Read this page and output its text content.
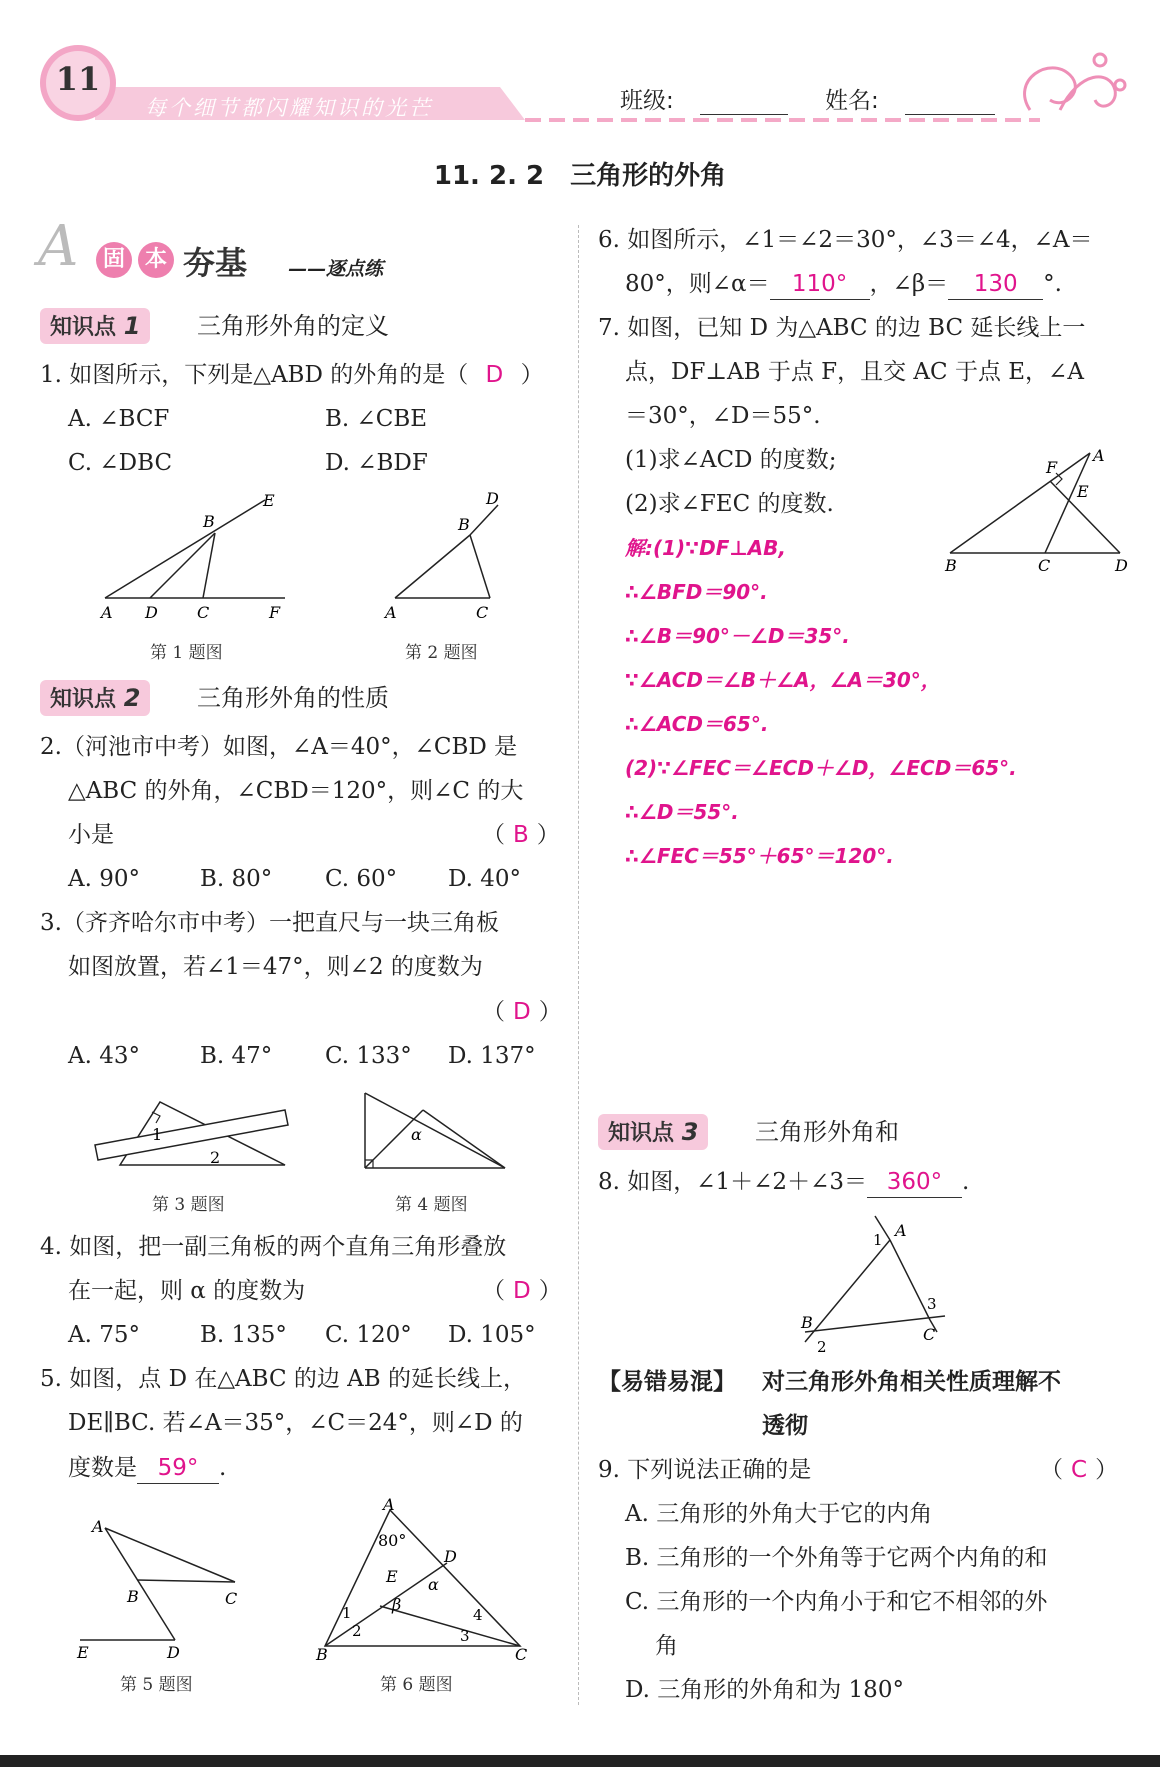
11
每个细节都闪耀知识的光芒	班级:	姓名:
11. 2. 2　三角形的外角
A	固 本 夯基 ——逐点练
知识点 1	三角形外角的定义
1. 如图所示，下列是△ABD 的外角的是（ D ）
A. ∠BCF	B. ∠CBE
C. ∠DBC	D. ∠BDF
E
B
A D C	F
第 1 题图
D
B
A	C
第 2 题图
知识点 2	三角形外角的性质
2.（河池市中考）如图，∠A＝40°，∠CBD 是
△ABC 的外角，∠CBD＝120°，则∠C 的大
小是	（ B ）
A. 90°	B. 80° C. 60° D. 40°
3.（齐齐哈尔市中考）一把直尺与一块三角板
如图放置，若∠1＝47°，则∠2 的度数为
（ D ）
A. 43°	B. 47° C. 133° D. 137°
1
2
第 3 题图
α
第 4 题图
4. 如图，把一副三角板的两个直角三角形叠放
在一起，则 α 的度数为	（ D ）
A. 75°	B. 135° C. 120° D. 105°
5. 如图，点 D 在△ABC 的边 AB 的延长线上，
DE∥BC. 若∠A＝35°，∠C＝24°，则∠D 的
度数是 59° .
A
B	C
E	D
第 5 题图
A
80°
D
E α
β
1
2
4
3
B	C
第 6 题图
6. 如图所示，∠1＝∠2＝30°，∠3＝∠4，∠A＝
80°，则∠α＝ 110° ，∠β＝ 130 °.
7. 如图，已知 D 为△ABC 的边 BC 延长线上一
点，DF⊥AB 于点 F，且交 AC 于点 E，∠A
＝30°，∠D＝55°.
(1)求∠ACD 的度数;
(2)求∠FEC 的度数.
F
A
E
B	C	D
解:(1)∵DF⊥AB,
∴∠BFD＝90°.
∴∠B＝90°－∠D＝35°.
∵∠ACD＝∠B＋∠A，∠A＝30°，
∴∠ACD＝65°.
(2)∵∠FEC＝∠ECD＋∠D，∠ECD＝65°.
∴∠D＝55°.
∴∠FEC＝55°＋65°＝120°.
知识点 3	三角形外角和
8. 如图，∠1＋∠2＋∠3＝ 360° .
1 A
3
C
B
2
【易错易混】 对三角形外角相关性质理解不
透彻
9. 下列说法正确的是	（ C ）
A. 三角形的外角大于它的内角
B. 三角形的一个外角等于它两个内角的和
C. 三角形的一个内角小于和它不相邻的外
角
D. 三角形的外角和为 180°
